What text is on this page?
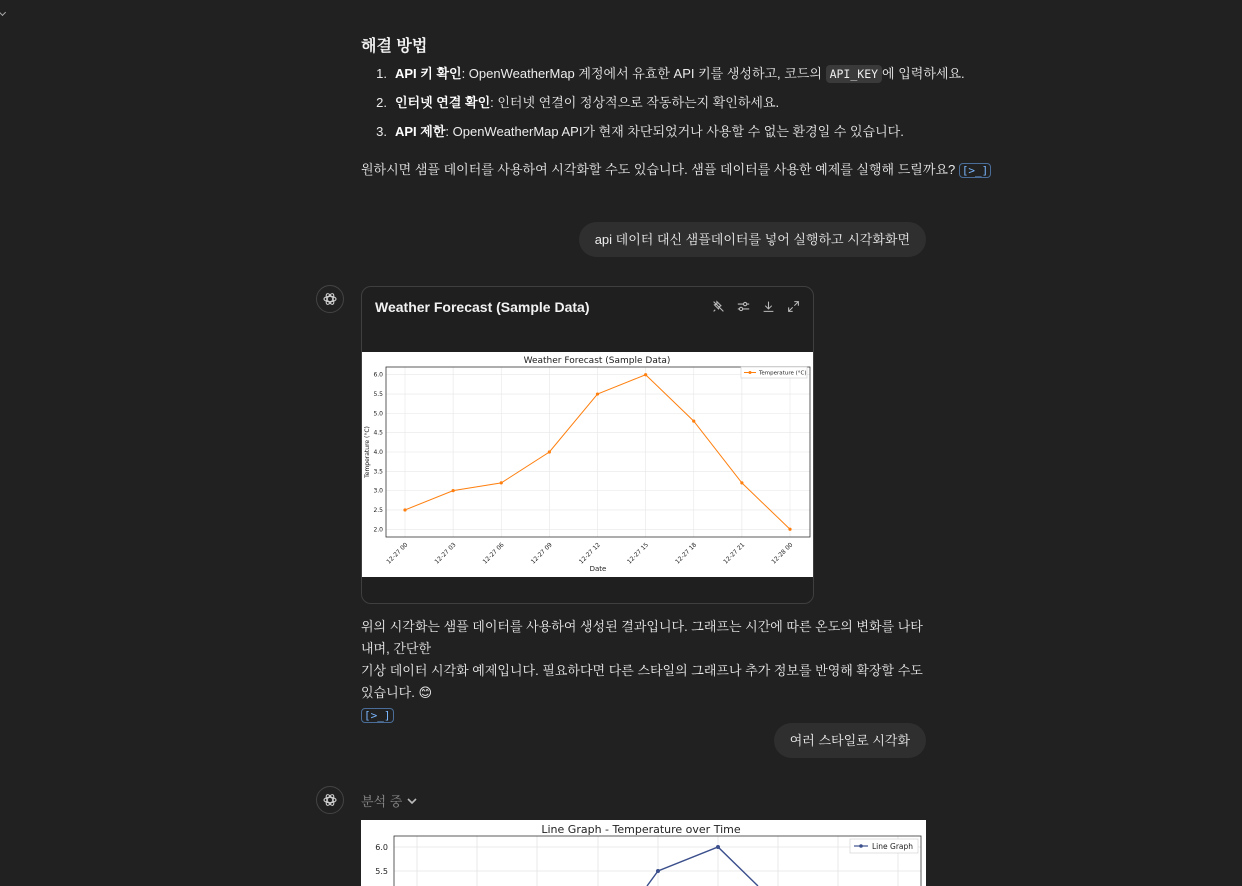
해결 방법
1. API 키 확인: OpenWeatherMap 계정에서 유효한 API 키를 생성하고, 코드의 API_KEY 에 입력하세요.
2. 인터넷 연결 확인: 인터넷 연결이 정상적으로 작동하는지 확인하세요.
3. API 제한: OpenWeatherMap API가 현재 차단되었거나 사용할 수 없는 환경일 수 있습니다.
원하시면 샘플 데이터를 사용하여 시각화할 수도 있습니다. 샘플 데이터를 사용한 예제를 실행해 드릴까요? [>_]
api 데이터 대신 샘플데이터를 넣어 실행하고 시각화화면
Weather Forecast (Sample Data)
Weather Forecast (Sample Data)
Date
Temperature (°C)
2.0
2.5
3.0
3.5
4.0
4.5
5.0
5.5
6.0
12-27 00	12-27 03	12-27 06	12-27 09	12-27 12	12-27 15	12-27 18	12-27 21	12-28 00
Temperature (°C)
위의 시각화는 샘플 데이터를 사용하여 생성된 결과입니다. 그래프는 시간에 따른 온도의 변화를 나타내며, 간단한
기상 데이터 시각화 예제입니다. 필요하다면 다른 스타일의 그래프나 추가 정보를 반영해 확장할 수도 있습니다. 😊
[>_]
여러 스타일로 시각화
분석 중
Line Graph - Temperature over Time
6.0
5.5
Line Graph
